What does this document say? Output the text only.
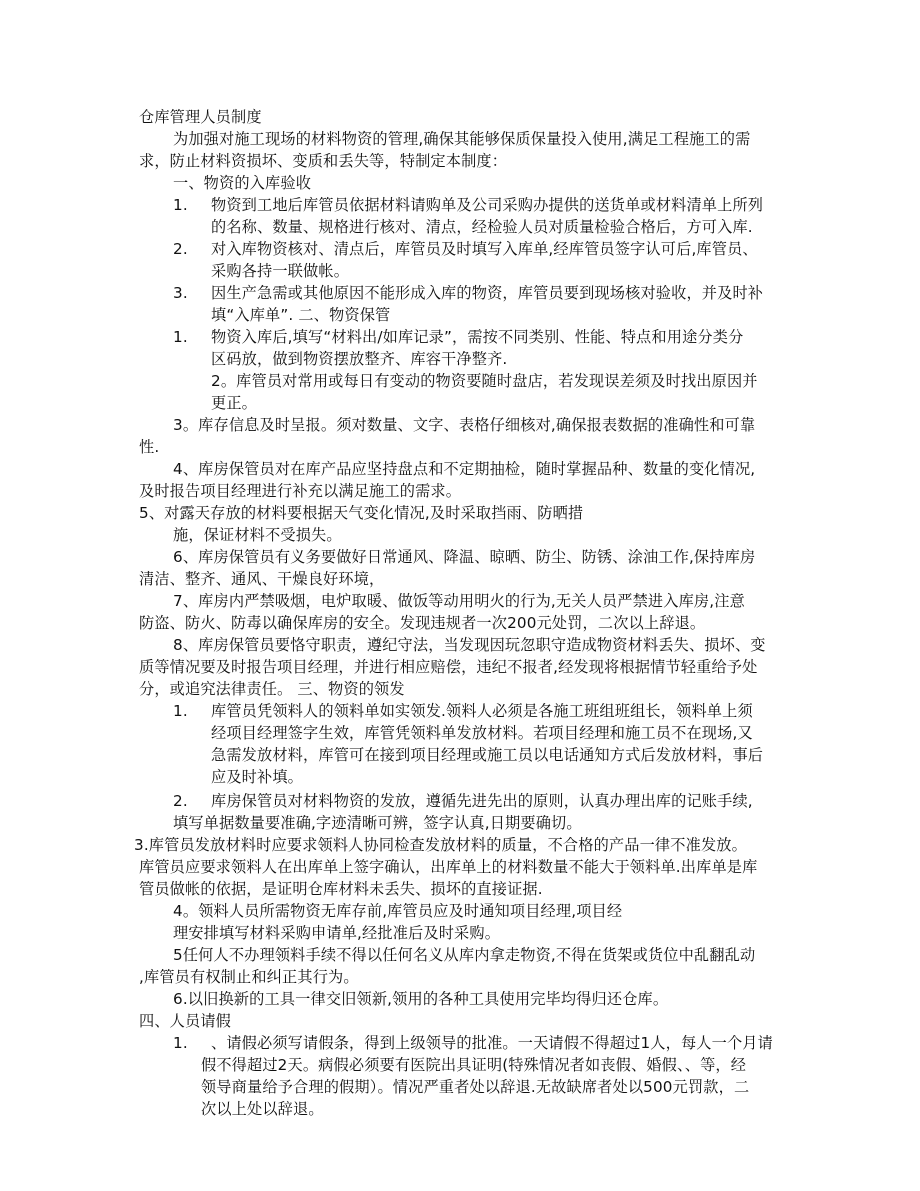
仓库管理人员制度
为加强对施工现场的材料物资的管理,确保其能够保质保量投入使用,满足工程施工的需
求，防止材料资损坏、变质和丢失等，特制定本制度：
一、物资的入库验收
1. 物资到工地后库管员依据材料请购单及公司采购办提供的送货单或材料清单上所列
的名称、数量、规格进行核对、清点，经检验人员对质量检验合格后，方可入库.
2. 对入库物资核对、清点后，库管员及时填写入库单,经库管员签字认可后,库管员、
采购各持一联做帐。
3. 因生产急需或其他原因不能形成入库的物资，库管员要到现场核对验收，并及时补
填“入库单”. 二、物资保管
1. 物资入库后,填写“材料出/如库记录”，需按不同类别、性能、特点和用途分类分
区码放，做到物资摆放整齐、库容干净整齐.
2。库管员对常用或每日有变动的物资要随时盘店，若发现误差须及时找出原因并
更正。
3。库存信息及时呈报。须对数量、文字、表格仔细核对,确保报表数据的准确性和可靠
性.
4、库房保管员对在库产品应坚持盘点和不定期抽检，随时掌握品种、数量的变化情况,
及时报告项目经理进行补充以满足施工的需求。
5、对露天存放的材料要根据天气变化情况,及时采取挡雨、防晒措
施，保证材料不受损失。
6、库房保管员有义务要做好日常通风、降温、晾晒、防尘、防锈、涂油工作,保持库房
清洁、整齐、通风、干燥良好环境，
7、库房内严禁吸烟，电炉取暖、做饭等动用明火的行为,无关人员严禁进入库房,注意
防盗、防火、防毒以确保库房的安全。发现违规者一次200元处罚，二次以上辞退。
8、库房保管员要恪守职责，遵纪守法，当发现因玩忽职守造成物资材料丢失、损坏、变
质等情况要及时报告项目经理，并进行相应赔偿，违纪不报者,经发现将根据情节轻重给予处
分，或追究法律责任。 三、物资的领发
1. 库管员凭领料人的领料单如实领发.领料人必须是各施工班组班组长，领料单上须
经项目经理签字生效，库管凭领料单发放材料。若项目经理和施工员不在现场,又
急需发放材料，库管可在接到项目经理或施工员以电话通知方式后发放材料，事后
应及时补填。
2. 库房保管员对材料物资的发放，遵循先进先出的原则，认真办理出库的记账手续,
填写单据数量要准确,字迹清晰可辨，签字认真,日期要确切。
3.库管员发放材料时应要求领料人协同检查发放材料的质量，不合格的产品一律不准发放。
库管员应要求领料人在出库单上签字确认，出库单上的材料数量不能大于领料单.出库单是库
管员做帐的依据，是证明仓库材料未丢失、损坏的直接证据.
4。领料人员所需物资无库存前,库管员应及时通知项目经理,项目经
理安排填写材料采购申请单,经批准后及时采购。
5任何人不办理领料手续不得以任何名义从库内拿走物资,不得在货架或货位中乱翻乱动
,库管员有权制止和纠正其行为。
6.以旧换新的工具一律交旧领新,领用的各种工具使用完毕均得归还仓库。
四、人员请假
1. 、请假必须写请假条，得到上级领导的批准。一天请假不得超过1人，每人一个月请
假不得超过2天。病假必须要有医院出具证明(特殊情况者如丧假、婚假、、等，经
领导商量给予合理的假期）。情况严重者处以辞退.无故缺席者处以500元罚款，二
次以上处以辞退。
